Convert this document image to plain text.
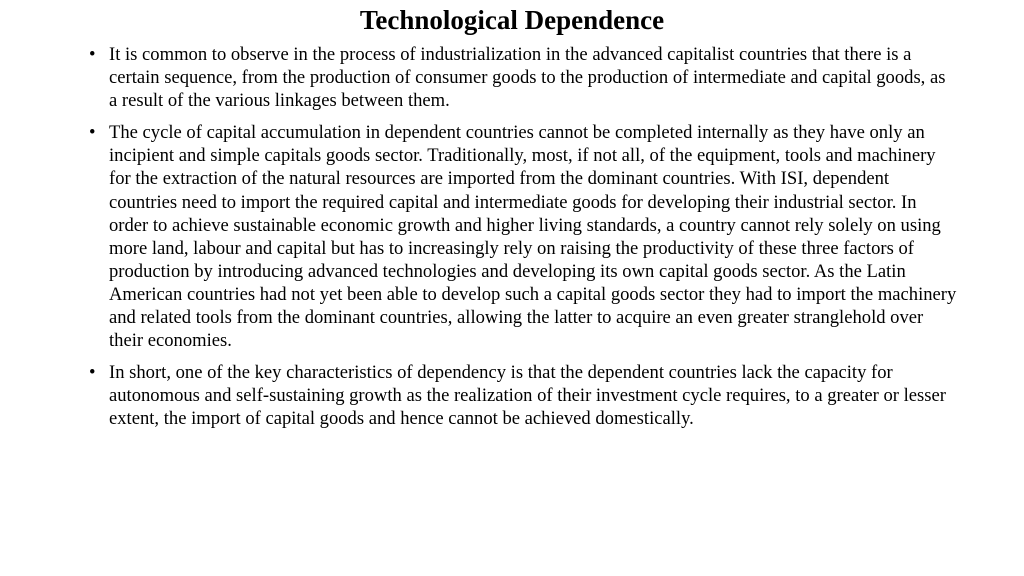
Technological Dependence
• It is common to observe in the process of industrialization in the advanced capitalist countries that there is a certain sequence, from the production of consumer goods to the production of intermediate and capital goods, as a result of the various linkages between them.
• The cycle of capital accumulation in dependent countries cannot be completed internally as they have only an incipient and simple capitals goods sector. Traditionally, most, if not all, of the equipment, tools and machinery for the extraction of the natural resources are imported from the dominant countries. With ISI, dependent countries need to import the required capital and intermediate goods for developing their industrial sector. In order to achieve sustainable economic growth and higher living standards, a country cannot rely solely on using more land, labour and capital but has to increasingly rely on raising the productivity of these three factors of production by introducing advanced technologies and developing its own capital goods sector. As the Latin American countries had not yet been able to develop such a capital goods sector they had to import the machinery and related tools from the dominant countries, allowing the latter to acquire an even greater stranglehold over their economies.
• In short, one of the key characteristics of dependency is that the dependent countries lack the capacity for autonomous and self-sustaining growth as the realization of their investment cycle requires, to a greater or lesser extent, the import of capital goods and hence cannot be achieved domestically.
